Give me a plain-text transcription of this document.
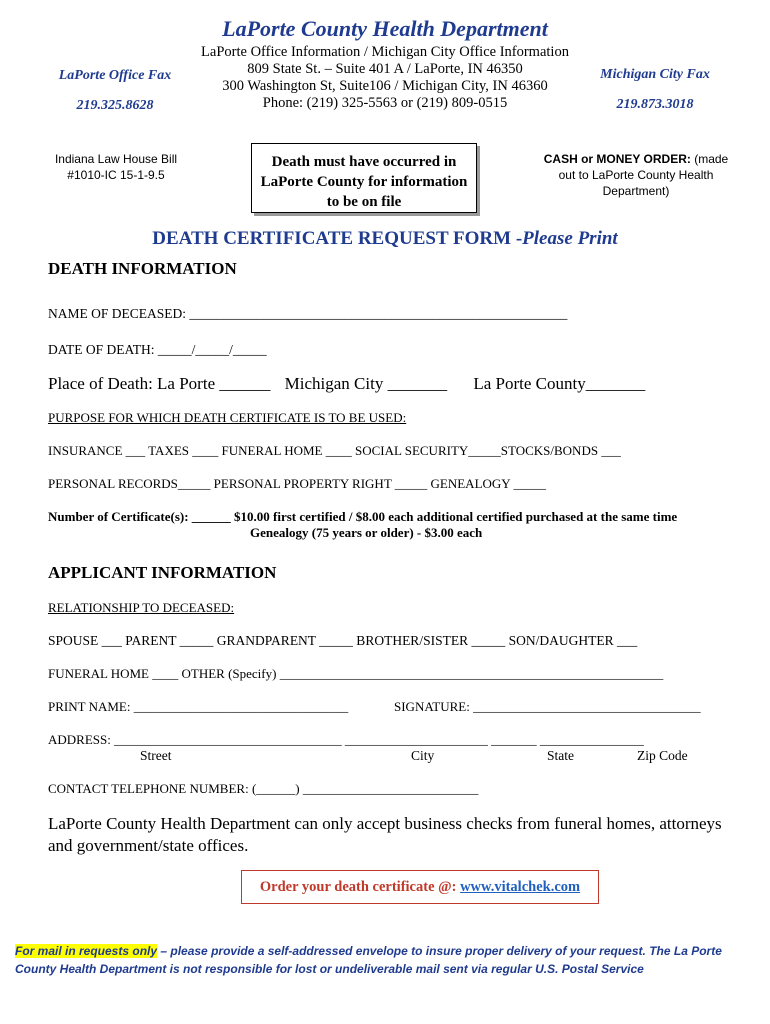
LaPorte County Health Department
LaPorte Office Information / Michigan City Office Information
809 State St. – Suite 401 A / LaPorte, IN 46350
300 Washington St, Suite106 / Michigan City, IN 46360
Phone: (219) 325-5563 or (219) 809-0515
LaPorte Office Fax
219.325.8628
Michigan City Fax
219.873.3018
Indiana Law House Bill
#1010-IC 15-1-9.5
Death must have occurred in
LaPorte County for information
to be on file
CASH or MONEY ORDER: (made
out to LaPorte County Health
Department)
DEATH CERTIFICATE REQUEST FORM -Please Print
DEATH INFORMATION
NAME OF DECEASED: ________________________________________________________
DATE OF DEATH: _____/_____/_____
Place of Death: La Porte ______ Michigan City _______ La Porte County_______
PURPOSE FOR WHICH DEATH CERTIFICATE IS TO BE USED:
INSURANCE ___ TAXES ____ FUNERAL HOME ____ SOCIAL SECURITY_____STOCKS/BONDS ___
PERSONAL RECORDS_____ PERSONAL PROPERTY RIGHT _____ GENEALOGY _____
Number of Certificate(s): ______ $10.00 first certified / $8.00 each additional certified purchased at the same time
Genealogy (75 years or older) - $3.00 each
APPLICANT INFORMATION
RELATIONSHIP TO DECEASED:
SPOUSE ___ PARENT _____ GRANDPARENT _____ BROTHER/SISTER _____ SON/DAUGHTER ___
FUNERAL HOME ____ OTHER (Specify) ___________________________________________________________
PRINT NAME: _________________________________	SIGNATURE: ___________________________________
ADDRESS: ___________________________________ ______________________ _______ ________________
Street	City	State	Zip Code
CONTACT TELEPHONE NUMBER: (______) ___________________________
LaPorte County Health Department can only accept business checks from funeral homes, attorneys and government/state offices.
Order your death certificate @: www.vitalchek.com
For mail in requests only – please provide a self-addressed envelope to insure proper delivery of your request. The La Porte County Health Department is not responsible for lost or undeliverable mail sent via regular U.S. Postal Service
